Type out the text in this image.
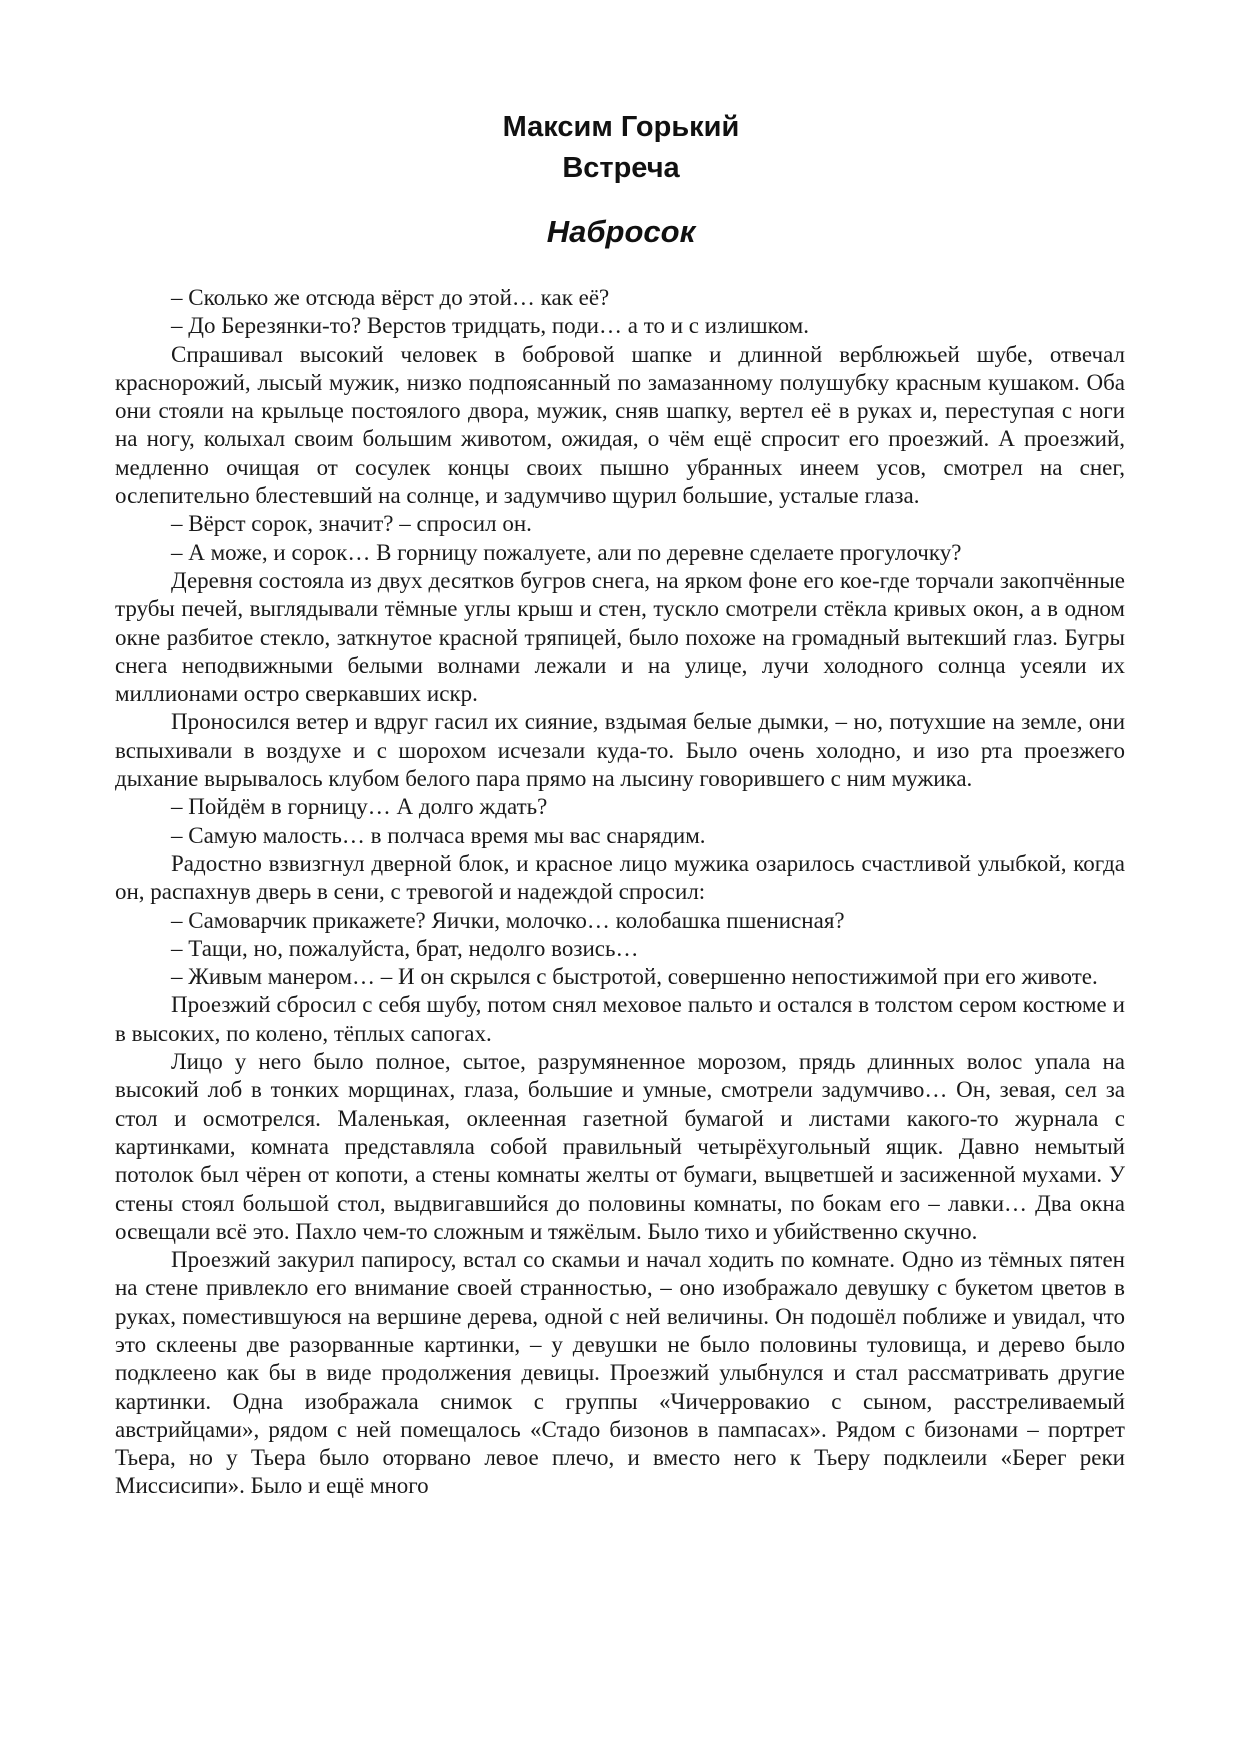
Максим Горький
Встреча
Набросок

– Сколько же отсюда вёрст до этой… как её?

– До Березянки-то? Верстов тридцать, поди… а то и с излишком.

Спрашивал высокий человек в бобровой шапке и длинной верблюжьей шубе, отвечал краснорожий, лысый мужик, низко подпоясанный по замазанному полушубку красным кушаком. Оба они стояли на крыльце постоялого двора, мужик, сняв шапку, вертел её в руках и, переступая с ноги на ногу, колыхал своим большим животом, ожидая, о чём ещё спросит его проезжий. А проезжий, медленно очищая от сосулек концы своих пышно убранных инеем усов, смотрел на снег, ослепительно блестевший на солнце, и задумчиво щурил большие, усталые глаза.

– Вёрст сорок, значит? – спросил он.

– А може, и сорок… В горницу пожалуете, али по деревне сделаете прогулочку?

Деревня состояла из двух десятков бугров снега, на ярком фоне его кое-где торчали закопчённые трубы печей, выглядывали тёмные углы крыш и стен, тускло смотрели стёкла кривых окон, а в одном окне разбитое стекло, заткнутое красной тряпицей, было похоже на громадный вытекший глаз. Бугры снега неподвижными белыми волнами лежали и на улице, лучи холодного солнца усеяли их миллионами остро сверкавших искр.

Проносился ветер и вдруг гасил их сияние, вздымая белые дымки, – но, потухшие на земле, они вспыхивали в воздухе и с шорохом исчезали куда-то. Было очень холодно, и изо рта проезжего дыхание вырывалось клубом белого пара прямо на лысину говорившего с ним мужика.

– Пойдём в горницу… А долго ждать?

– Самую малость… в полчаса время мы вас снарядим.

Радостно взвизгнул дверной блок, и красное лицо мужика озарилось счастливой улыбкой, когда он, распахнув дверь в сени, с тревогой и надеждой спросил:

– Самоварчик прикажете? Яички, молочко… колобашка пшенисная?

– Тащи, но, пожалуйста, брат, недолго возись…

– Живым манером… – И он скрылся с быстротой, совершенно непостижимой при его животе.

Проезжий сбросил с себя шубу, потом снял меховое пальто и остался в толстом сером костюме и в высоких, по колено, тёплых сапогах.

Лицо у него было полное, сытое, разрумяненное морозом, прядь длинных волос упала на высокий лоб в тонких морщинах, глаза, большие и умные, смотрели задумчиво… Он, зевая, сел за стол и осмотрелся. Маленькая, оклеенная газетной бумагой и листами какого-то журнала с картинками, комната представляла собой правильный четырёхугольный ящик. Давно немытый потолок был чёрен от копоти, а стены комнаты желты от бумаги, выцветшей и засиженной мухами. У стены стоял большой стол, выдвигавшийся до половины комнаты, по бокам его – лавки… Два окна освещали всё это. Пахло чем-то сложным и тяжёлым. Было тихо и убийственно скучно.

Проезжий закурил папиросу, встал со скамьи и начал ходить по комнате. Одно из тёмных пятен на стене привлекло его внимание своей странностью, – оно изображало девушку с букетом цветов в руках, поместившуюся на вершине дерева, одной с ней величины. Он подошёл поближе и увидал, что это склеены две разорванные картинки, – у девушки не было половины туловища, и дерево было подклеено как бы в виде продолжения девицы. Проезжий улыбнулся и стал рассматривать другие картинки. Одна изображала снимок с группы «Чичерровакио с сыном, расстреливаемый австрийцами», рядом с ней помещалось «Стадо бизонов в пампасах». Рядом с бизонами – портрет Тьера, но у Тьера было оторвано левое плечо, и вместо него к Тьеру подклеили «Берег реки Миссисипи». Было и ещё много
